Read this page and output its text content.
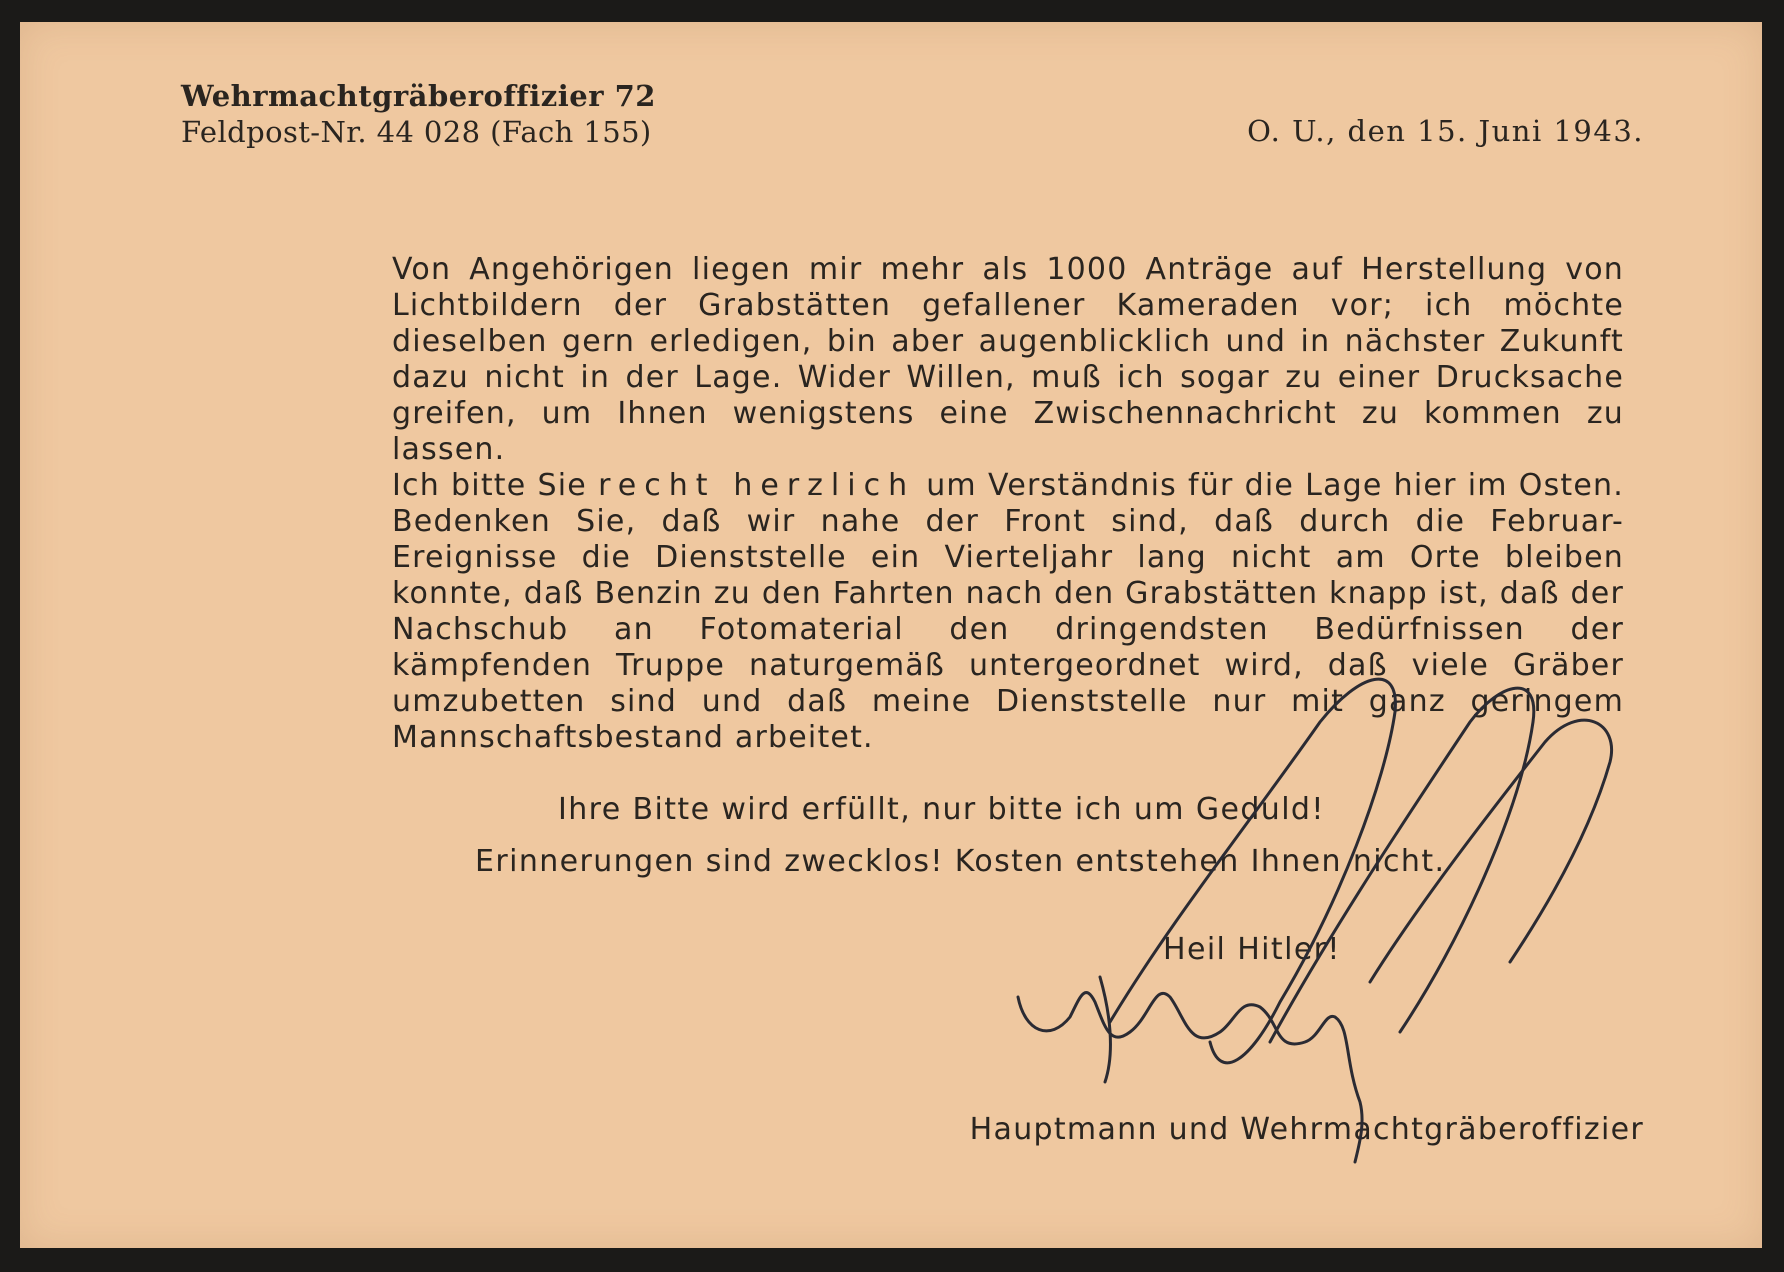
Wehrmachtgräberoffizier 72
Feldpost-Nr. 44 028 (Fach 155)	O. U., den 15. Juni 1943.

Von Angehörigen liegen mir mehr als 1000 Anträge auf Herstellung von Lichtbildern der Grabstätten gefallener Kameraden vor; ich möchte dieselben gern erledigen, bin aber augenblicklich und in nächster Zukunft dazu nicht in der Lage. Wider Willen, muß ich sogar zu einer Drucksache greifen, um Ihnen wenigstens eine Zwischennachricht zu kommen zu lassen.

Ich bitte Sie recht herzlich um Verständnis für die Lage hier im Osten. Bedenken Sie, daß wir nahe der Front sind, daß durch die Februar-Ereignisse die Dienststelle ein Vierteljahr lang nicht am Orte bleiben konnte, daß Benzin zu den Fahrten nach den Grabstätten knapp ist, daß der Nachschub an Fotomaterial den dringendsten Bedürfnissen der kämpfenden Truppe naturgemäß untergeordnet wird, daß viele Gräber umzubetten sind und daß meine Dienststelle nur mit ganz geringem Mannschaftsbestand arbeitet.

Ihre Bitte wird erfüllt, nur bitte ich um Geduld!
Erinnerungen sind zwecklos! Kosten entstehen Ihnen nicht.
Heil Hitler!
Hauptmann und Wehrmachtgräberoffizier
